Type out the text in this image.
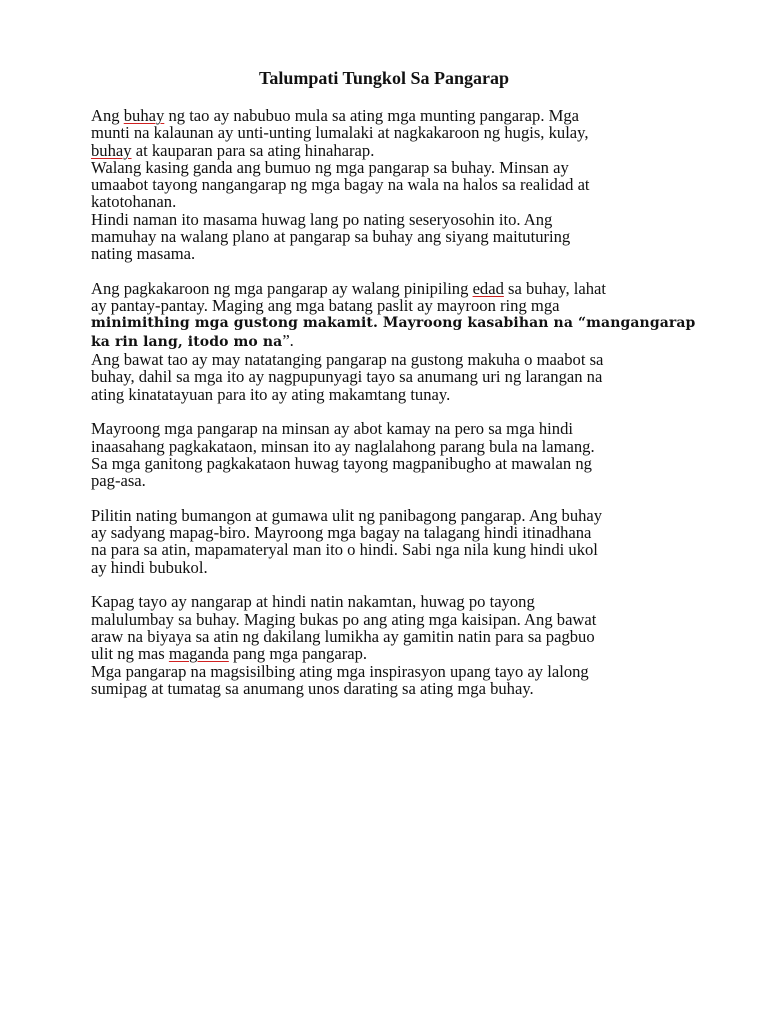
Talumpati Tungkol Sa Pangarap
Ang buhay ng tao ay nabubuo mula sa ating mga munting pangarap. Mga
munti na kalaunan ay unti-unting lumalaki at nagkakaroon ng hugis, kulay,
buhay at kauparan para sa ating hinaharap.
Walang kasing ganda ang bumuo ng mga pangarap sa buhay. Minsan ay
umaabot tayong nangangarap ng mga bagay na wala na halos sa realidad at
katotohanan.
Hindi naman ito masama huwag lang po nating seseryosohin ito. Ang
mamuhay na walang plano at pangarap sa buhay ang siyang maituturing
nating masama.
Ang pagkakaroon ng mga pangarap ay walang pinipiling edad sa buhay, lahat
ay pantay-pantay. Maging ang mga batang paslit ay mayroon ring mga
minimithing mga gustong makamit. Mayroong kasabihan na “mangangarap
ka rin lang, itodo mo na”.
Ang bawat tao ay may natatanging pangarap na gustong makuha o maabot sa
buhay, dahil sa mga ito ay nagpupunyagi tayo sa anumang uri ng larangan na
ating kinatatayuan para ito ay ating makamtang tunay.
Mayroong mga pangarap na minsan ay abot kamay na pero sa mga hindi
inaasahang pagkakataon, minsan ito ay naglalahong parang bula na lamang.
Sa mga ganitong pagkakataon huwag tayong magpanibugho at mawalan ng
pag-asa.
Pilitin nating bumangon at gumawa ulit ng panibagong pangarap. Ang buhay
ay sadyang mapag-biro. Mayroong mga bagay na talagang hindi itinadhana
na para sa atin, mapamateryal man ito o hindi. Sabi nga nila kung hindi ukol
ay hindi bubukol.
Kapag tayo ay nangarap at hindi natin nakamtan, huwag po tayong
malulumbay sa buhay. Maging bukas po ang ating mga kaisipan. Ang bawat
araw na biyaya sa atin ng dakilang lumikha ay gamitin natin para sa pagbuo
ulit ng mas maganda pang mga pangarap.
Mga pangarap na magsisilbing ating mga inspirasyon upang tayo ay lalong
sumipag at tumatag sa anumang unos darating sa ating mga buhay.
